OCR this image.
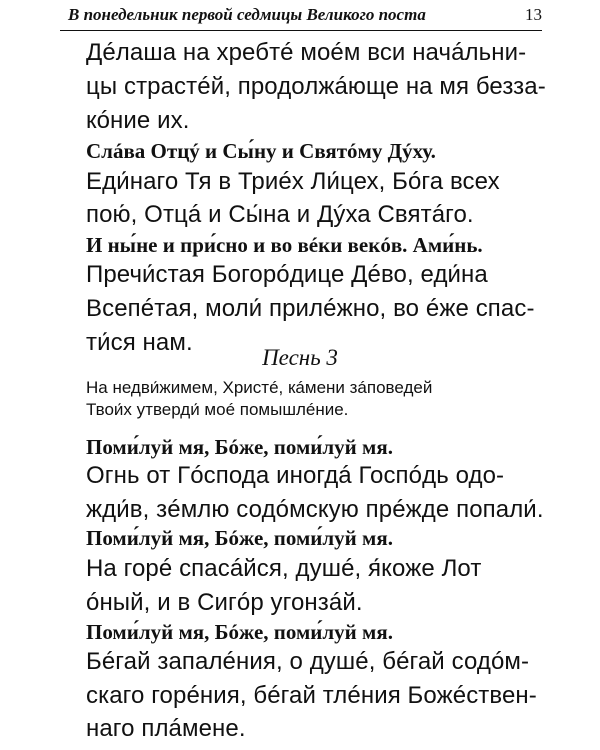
В понедельник первой седмицы Великого поста	13
Дéлаша на хребтé моéм вси начáльни-
цы страстéй, продолжáюще на мя безза-
кóние их.
Слáва Отцý и Сы́ну и Святóму Дýху.
Еди́наго Тя в Триéх Ли́цех, Бóга всех
пою́, Отцá и Сы́на и Дýха Святáго.
И ны́не и при́сно и во вéки векóв. Ами́нь.
Пречи́стая Богорóдице Дéво, еди́на
Всепéтая, моли́ прилéжно, во éже спас-
ти́ся нам.
Песнь 3
На недви́жимем, Христé, кáмени зáповедей
Твои́х утверди́ моé помышлéние.
Поми́луй мя, Бóже, поми́луй мя.
Огнь от Гóспода иногдá Госпóдь одо-
жди́в, зéмлю содóмскую прéжде попали́.
Поми́луй мя, Бóже, поми́луй мя.
На горé спасáйся, душé, я́коже Лот
óный, и в Сигóр угонзáй.
Поми́луй мя, Бóже, поми́луй мя.
Бéгай запалéния, о душé, бéгай содóм-
скаго горéния, бéгай тлéния Божéствен-
наго плáмене.
